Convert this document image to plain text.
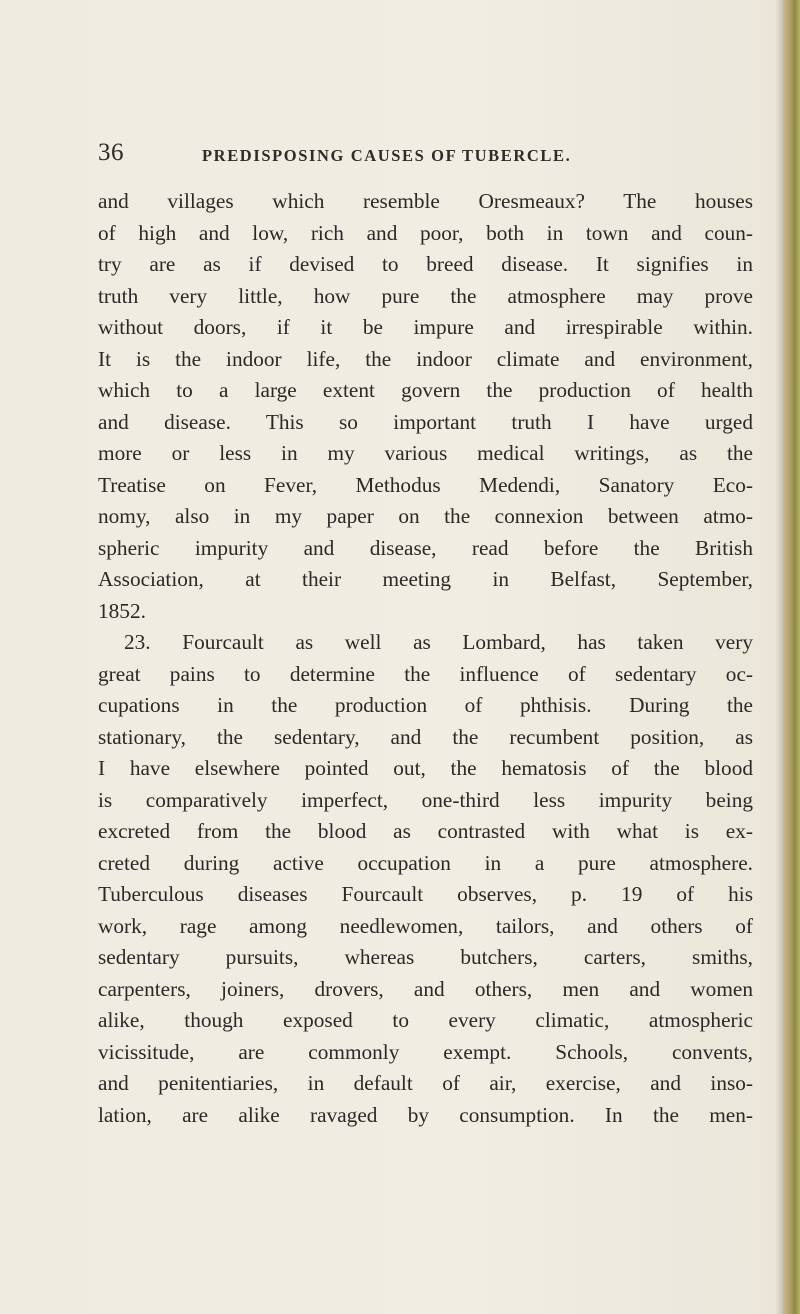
36	PREDISPOSING CAUSES OF TUBERCLE.
and villages which resemble Oresmeaux? The houses
of high and low, rich and poor, both in town and coun-
try are as if devised to breed disease. It signifies in
truth very little, how pure the atmosphere may prove
without doors, if it be impure and irrespirable within.
It is the indoor life, the indoor climate and environment,
which to a large extent govern the production of health
and disease. This so important truth I have urged
more or less in my various medical writings, as the
Treatise on Fever, Methodus Medendi, Sanatory Eco-
nomy, also in my paper on the connexion between atmo-
spheric impurity and disease, read before the British
Association, at their meeting in Belfast, September,
1852.
23. Fourcault as well as Lombard, has taken very
great pains to determine the influence of sedentary oc-
cupations in the production of phthisis. During the
stationary, the sedentary, and the recumbent position, as
I have elsewhere pointed out, the hematosis of the blood
is comparatively imperfect, one-third less impurity being
excreted from the blood as contrasted with what is ex-
creted during active occupation in a pure atmosphere.
Tuberculous diseases Fourcault observes, p. 19 of his
work, rage among needlewomen, tailors, and others of
sedentary pursuits, whereas butchers, carters, smiths,
carpenters, joiners, drovers, and others, men and women
alike, though exposed to every climatic, atmospheric
vicissitude, are commonly exempt. Schools, convents,
and penitentiaries, in default of air, exercise, and inso-
lation, are alike ravaged by consumption. In the men-
